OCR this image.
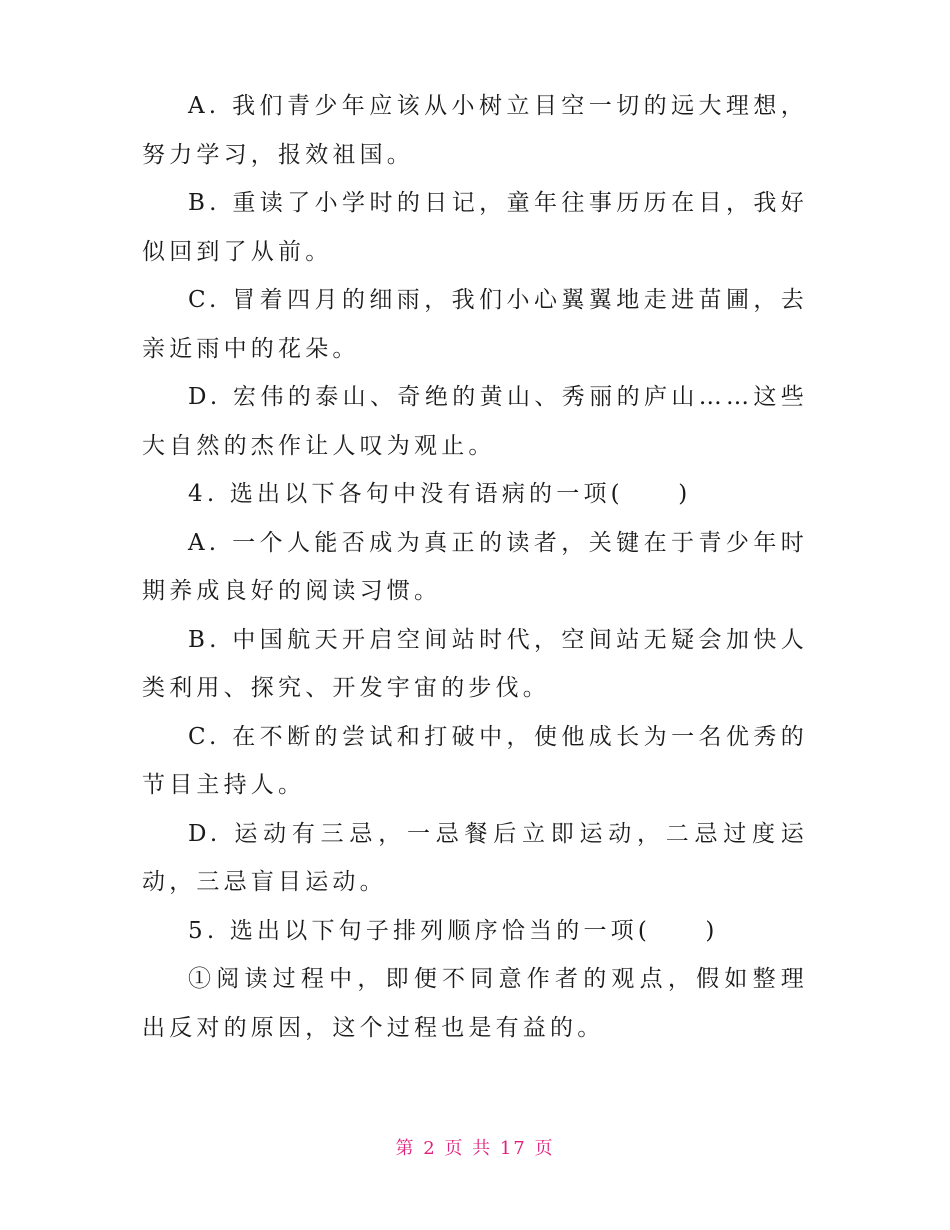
A. 我们青少年应该从小树立目空一切的远大理想，努力学习，报效祖国。

B. 重读了小学时的日记，童年往事历历在目，我好似回到了从前。

C. 冒着四月的细雨，我们小心翼翼地走进苗圃，去亲近雨中的花朵。

D. 宏伟的泰山、奇绝的黄山、秀丽的庐山……这些大自然的杰作让人叹为观止。

4. 选出以下各句中没有语病的一项(　　)

A. 一个人能否成为真正的读者，关键在于青少年时期养成良好的阅读习惯。

B. 中国航天开启空间站时代，空间站无疑会加快人类利用、探究、开发宇宙的步伐。

C. 在不断的尝试和打破中，使他成长为一名优秀的节目主持人。

D. 运动有三忌，一忌餐后立即运动，二忌过度运动，三忌盲目运动。

5. 选出以下句子排列顺序恰当的一项(　　)

①阅读过程中，即便不同意作者的观点，假如整理出反对的原因，这个过程也是有益的。

第 2 页 共 17 页
